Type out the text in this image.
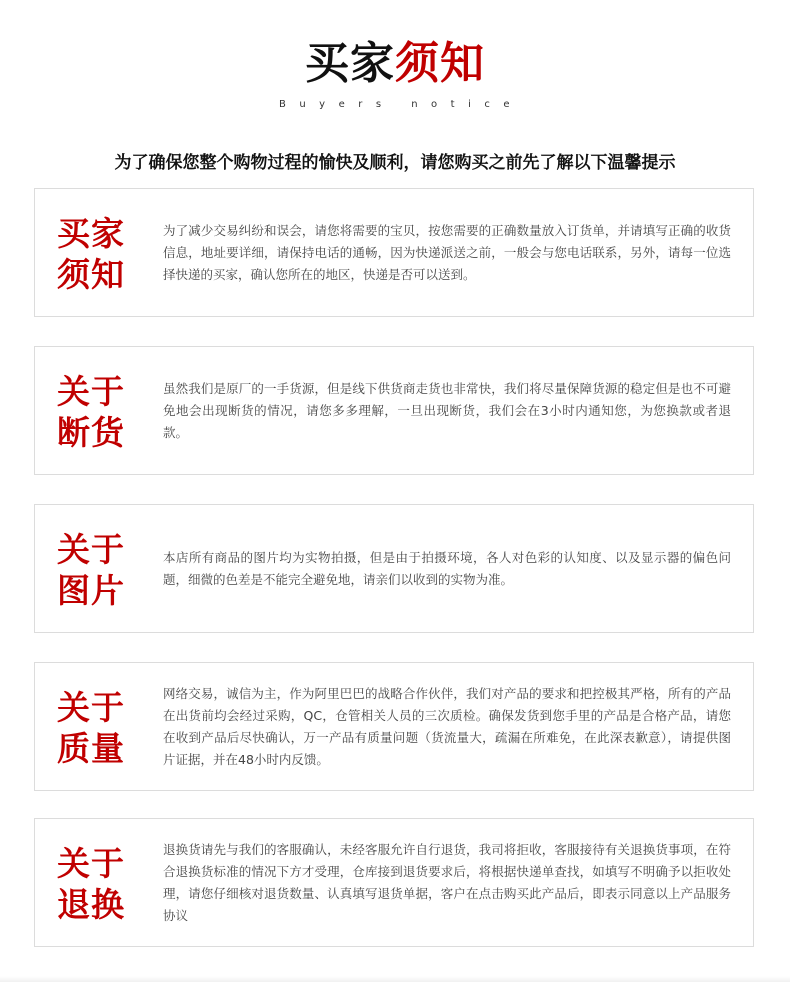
买家须知
Buyers notice
为了确保您整个购物过程的愉快及顺利，请您购买之前先了解以下温馨提示
买家
须知
为了减少交易纠纷和误会，请您将需要的宝贝，按您需要的正确数量放入订货单，并请填写正确的收货信息，地址要详细，请保持电话的通畅，因为快递派送之前，一般会与您电话联系，另外，请每一位选择快递的买家，确认您所在的地区，快递是否可以送到。
关于
断货
虽然我们是原厂的一手货源，但是线下供货商走货也非常快，我们将尽量保障货源的稳定但是也不可避免地会出现断货的情况，请您多多理解，一旦出现断货，我们会在3小时内通知您，为您换款或者退款。
关于
图片
本店所有商品的图片均为实物拍摄，但是由于拍摄环境，各人对色彩的认知度、以及显示器的偏色问题，细微的色差是不能完全避免地，请亲们以收到的实物为准。
关于
质量
网络交易，诚信为主，作为阿里巴巴的战略合作伙伴，我们对产品的要求和把控极其严格，所有的产品在出货前均会经过采购，QC，仓管相关人员的三次质检。确保发货到您手里的产品是合格产品，请您在收到产品后尽快确认，万一产品有质量问题（货流量大，疏漏在所难免，在此深表歉意），请提供图片证据，并在48小时内反馈。
关于
退换
退换货请先与我们的客服确认，未经客服允许自行退货，我司将拒收，客服接待有关退换货事项，在符合退换货标准的情况下方才受理，仓库接到退货要求后，将根据快递单查找，如填写不明确予以拒收处理，请您仔细核对退货数量、认真填写退货单据，客户在点击购买此产品后，即表示同意以上产品服务协议
